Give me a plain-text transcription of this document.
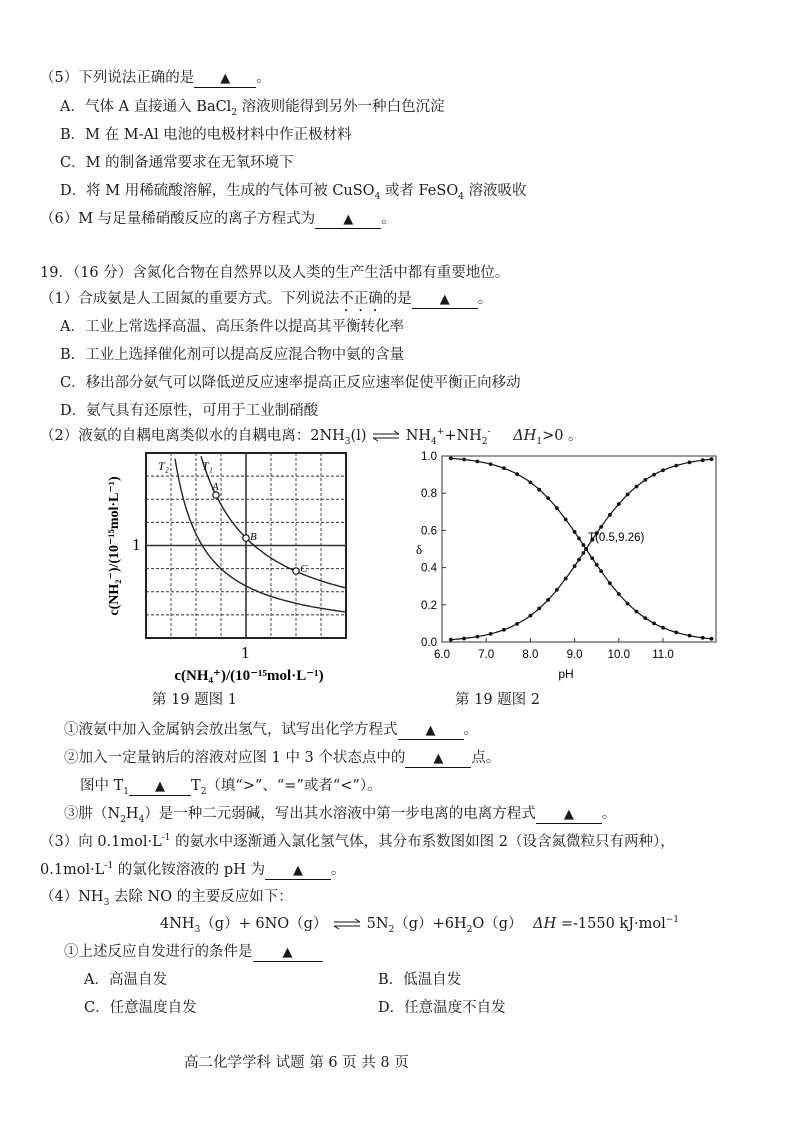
（5）下列说法正确的是 ▲ 。
A．气体 A 直接通入 BaCl$_2$ 溶液则能得到另外一种白色沉淀
B．M 在 M-Al 电池的电极材料中作正极材料
C．M 的制备通常要求在无氧环境下
D．将 M 用稀硫酸溶解，生成的气体可被 CuSO$_4$ 或者 FeSO$_4$ 溶液吸收
（6）M 与足量稀硝酸反应的离子方程式为 ▲ 。
19．（16 分）含氮化合物在自然界以及人类的生产生活中都有重要地位。
（1）合成氨是人工固氮的重要方式。下列说法不正确的是 ▲ 。
A．工业上常选择高温、高压条件以提高其平衡转化率
B．工业上选择催化剂可以提高反应混合物中氨的含量
C．移出部分氨气可以降低逆反应速率提高正反应速率促使平衡正向移动
D．氨气具有还原性，可用于工业制硝酸
（2）液氨的自耦电离类似水的自耦电离：$2NH_3(l)$ ⇌ $NH_4^++NH_2^-$ $\Delta H_1>0$ 。
T₂	T₁
A
B
C
1
1
c(NH₄⁺)/(10⁻¹⁵mol·L⁻¹)
c(NH₂⁻)/(10⁻¹⁵mol·L⁻¹)
6.0 7.0 8.0 9.0 10.0 11.0
0.0
0.2
0.4
0.6
0.8
1.0
T(0.5,9.26)
pH
δ
第 19 题图 1	第 19 题图 2
①液氨中加入金属钠会放出氢气，试写出化学方程式 ▲ 。
②加入一定量钠后的溶液对应图 1 中 3 个状态点中的 ▲ 点。
图中 $T_1$ ▲ $T_2$（填“>”、“=”或者“<”）。
③肼$(N_2H_4)$是一种二元弱碱，写出其水溶液中第一步电离的电离方程式 ▲ 。
（3）向 $0.1mol\cdot L^{-1}$ 的氨水中逐渐通入氯化氢气体，其分布系数图如图 2（设含氮微粒只有两种），
$0.1mol\cdot L^{-1}$ 的氯化铵溶液的 pH 为 ▲ 。
$(4)NH_3$ 去除 NO 的主要反应如下：
$4NH_3(g)+ 6NO(g)$ ⇌ $5N_2(g)+6H_2O(g)$ ΔH =-1550 kJ·mol$^{-1}$
①上述反应自发进行的条件是 ▲
A．高温自发	B．低温自发
C．任意温度自发	D．任意温度不自发
高二化学学科 试题 第 6 页 共 8 页
